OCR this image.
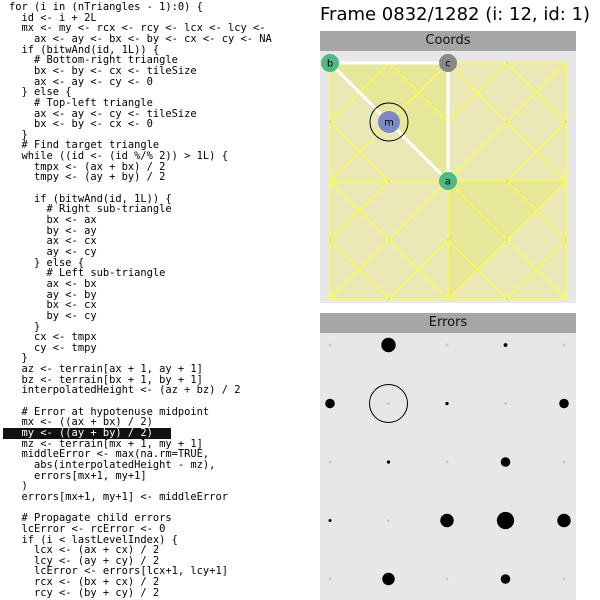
for (i in (nTriangles - 1):0) {
id <- i + 2L
mx <- my <- rcx <- rcy <- lcx <- lcy <-
ax <- ay <- bx <- by <- cx <- cy <- NA
if (bitwAnd(id, 1L)) {
# Bottom-right triangle
bx <- by <- cx <- tileSize
ax <- ay <- cy <- 0
} else {
# Top-left triangle
ax <- ay <- cy <- tileSize
bx <- by <- cx <- 0
}
# Find target triangle
while ((id <- (id %/% 2)) > 1L) {
tmpx <- (ax + bx) / 2
tmpy <- (ay + by) / 2
if (bitwAnd(id, 1L)) {
# Right sub-triangle
bx <- ax
by <- ay
ax <- cx
ay <- cy
} else {
# Left sub-triangle
ax <- bx
ay <- by
bx <- cx
by <- cy
}
cx <- tmpx
cy <- tmpy
}
az <- terrain[ax + 1, ay + 1]
bz <- terrain[bx + 1, by + 1]
interpolatedHeight <- (az + bz) / 2
# Error at hypotenuse midpoint
mx <- ((ax + bx) / 2)
my <- ((ay + by) / 2)
mz <- terrain[mx + 1, my + 1]
middleError <- max(na.rm=TRUE,
abs(interpolatedHeight - mz),
errors[mx+1, my+1]
)
errors[mx+1, my+1] <- middleError
# Propagate child errors
lcError <- rcError <- 0
if (i < lastLevelIndex) {
lcx <- (ax + cx) / 2
lcy <- (ay + cy) / 2
lcError <- errors[lcx+1, lcy+1]
rcx <- (bx + cx) / 2
rcy <- (by + cy) / 2
Frame 0832/1282 (i: 12, id: 1)
Coords
b	c
m
a
Errors
